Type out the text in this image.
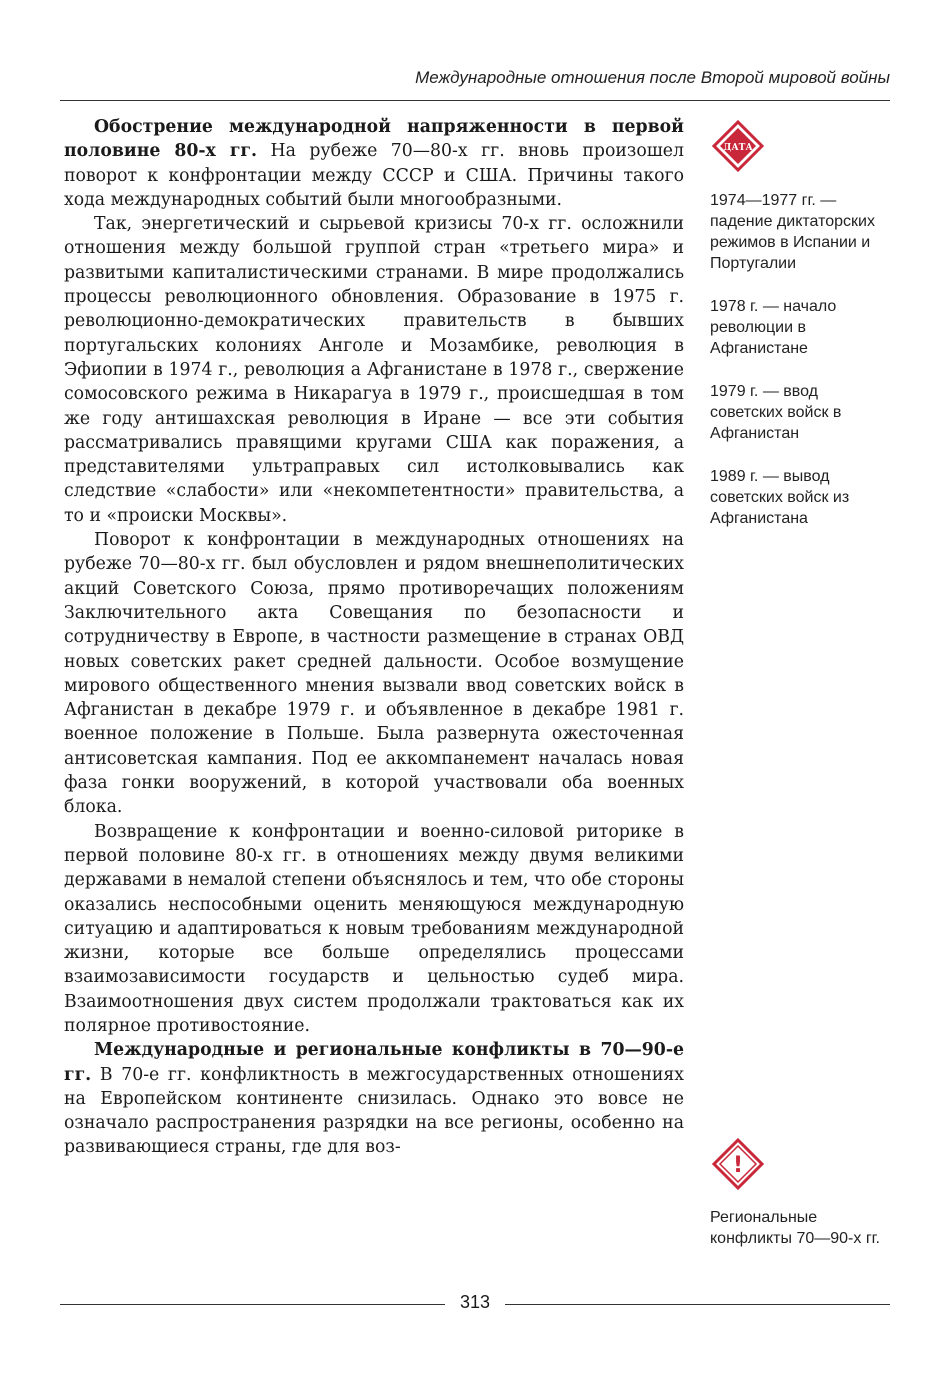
Международные отношения после Второй мировой войны

Обострение международной напряженности в первой половине 80-х гг. На рубеже 70—80-х гг. вновь произошел поворот к конфронтации между СССР и США. Причины такого хода международных событий были многообразными.

Так, энергетический и сырьевой кризисы 70-х гг. осложнили отношения между большой группой стран «третьего мира» и развитыми капиталистическими странами. В мире продолжались процессы революционного обновления. Образование в 1975 г. революционно-демократических правительств в бывших португальских колониях Анголе и Мозамбике, революция в Эфиопии в 1974 г., революция а Афганистане в 1978 г., свержение сомосовского режима в Никарагуа в 1979 г., происшедшая в том же году антишахская революция в Иране — все эти события рассматривались правящими кругами США как поражения, а представителями ультраправых сил истолковывались как следствие «слабости» или «некомпетентности» правительства, а то и «происки Москвы».

Поворот к конфронтации в международных отношениях на рубеже 70—80-х гг. был обусловлен и рядом внешнеполитических акций Советского Союза, прямо противоречащих положениям Заключительного акта Совещания по безопасности и сотрудничеству в Европе, в частности размещение в странах ОВД новых советских ракет средней дальности. Особое возмущение мирового общественного мнения вызвали ввод советских войск в Афганистан в декабре 1979 г. и объявленное в декабре 1981 г. военное положение в Польше. Была развернута ожесточенная антисоветская кампания. Под ее аккомпанемент началась новая фаза гонки вооружений, в которой участвовали оба военных блока.

Возвращение к конфронтации и военно-силовой риторике в первой половине 80-х гг. в отношениях между двумя великими державами в немалой степени объяснялось и тем, что обе стороны оказались неспособными оценить меняющуюся международную ситуацию и адаптироваться к новым требованиям международной жизни, которые все больше определялись процессами взаимозависимости государств и цельностью судеб мира. Взаимоотношения двух систем продолжали трактоваться как их полярное противостояние.

Международные и региональные конфликты в 70—90-е гг. В 70-е гг. конфликтность в межгосударственных отношениях на Европейском континенте снизилась. Однако это вовсе не означало распространения разрядки на все регионы, особенно на развивающиеся страны, где для воз-

ДАТА

1974—1977 гг. — падение диктаторских режимов в Испании и Португалии

1978 г. — начало революции в Афганистане

1979 г. — ввод советских войск в Афганистан

1989 г. — вывод советских войск из Афганистана

!

Региональные конфликты 70—90-х гг.

313
